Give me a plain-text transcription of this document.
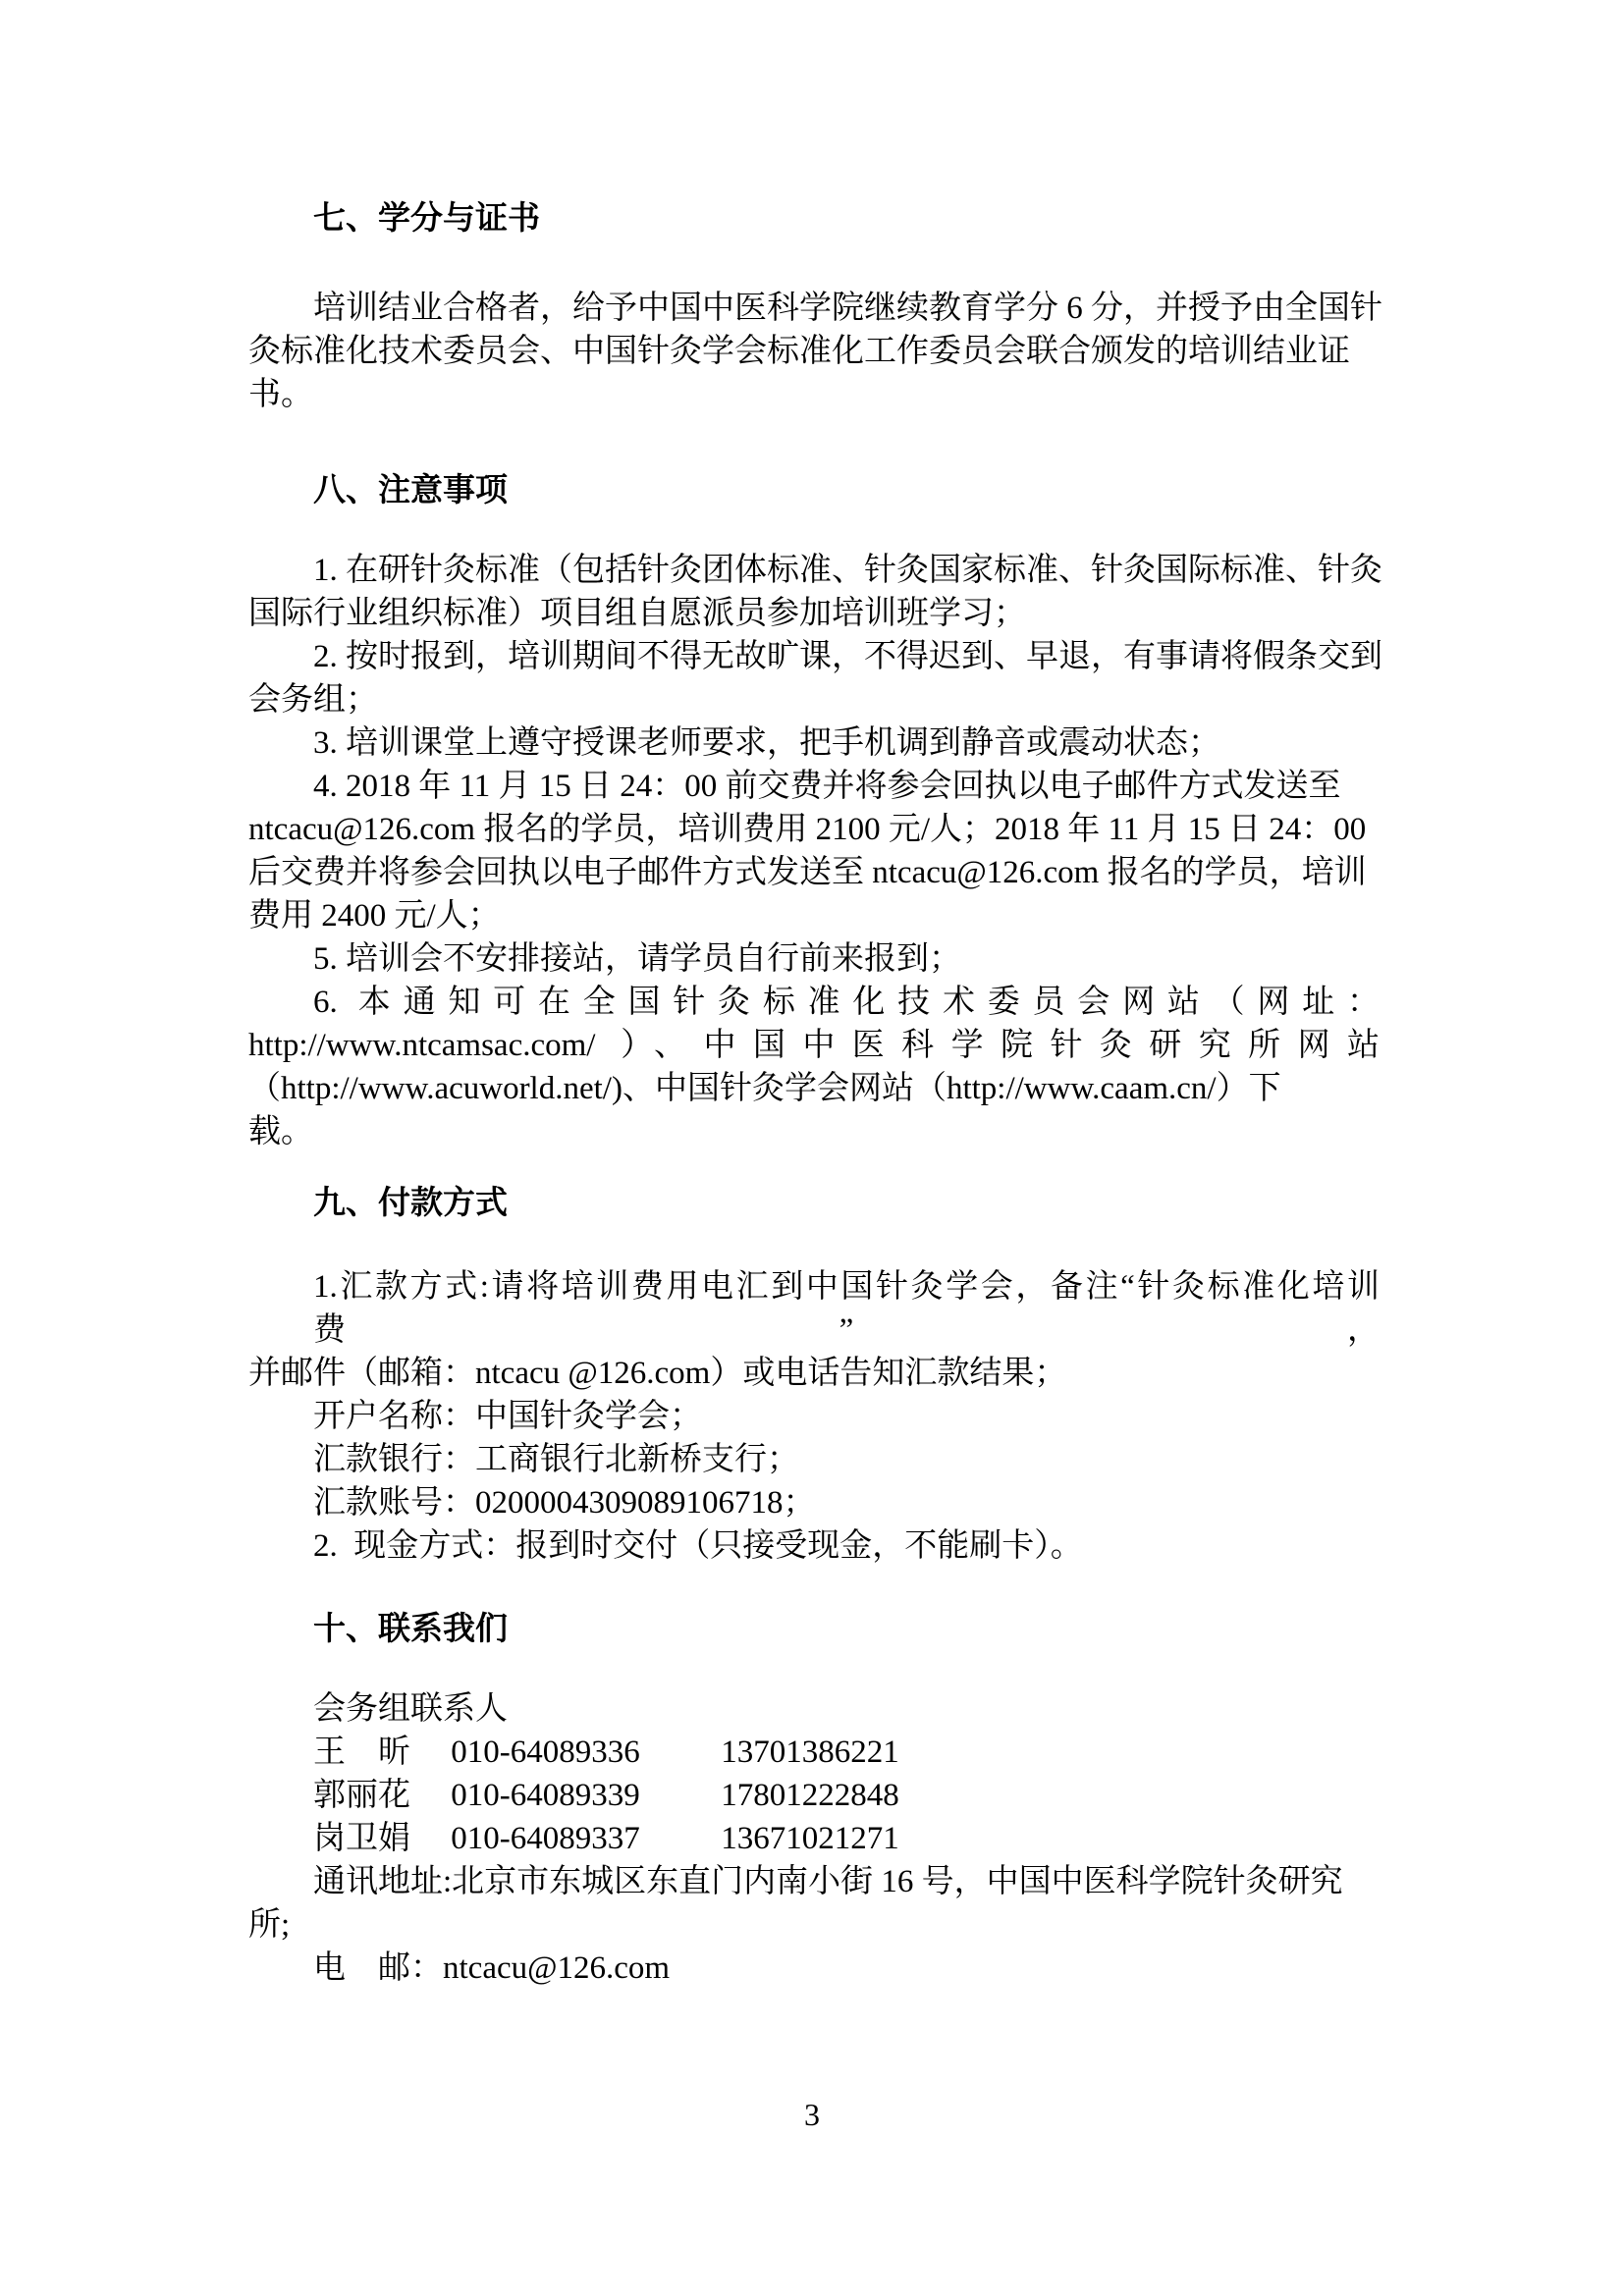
七、学分与证书
培训结业合格者，给予中国中医科学院继续教育学分 6 分，并授予由全国针
灸标准化技术委员会、中国针灸学会标准化工作委员会联合颁发的培训结业证
书。
八、注意事项
1. 在研针灸标准（包括针灸团体标准、针灸国家标准、针灸国际标准、针灸
国际行业组织标准）项目组自愿派员参加培训班学习；
2. 按时报到，培训期间不得无故旷课，不得迟到、早退，有事请将假条交到
会务组；
3. 培训课堂上遵守授课老师要求，把手机调到静音或震动状态；
4. 2018 年 11 月 15 日 24：00 前交费并将参会回执以电子邮件方式发送至
ntcacu@126.com 报名的学员，培训费用 2100 元/人；2018 年 11 月 15 日 24：00
后交费并将参会回执以电子邮件方式发送至 ntcacu@126.com 报名的学员，培训
费用 2400 元/人；
5. 培训会不安排接站，请学员自行前来报到；
6. 本通知可在全国针灸标准化技术委员会网站（网址：
http://www.ntcamsac.com/ ）、中国中医科学院针灸研究所网站
（http://www.acuworld.net/)、中国针灸学会网站（http://www.caam.cn/）下
载。
九、付款方式
1.汇款方式:请将培训费用电汇到中国针灸学会，备注“针灸标准化培训费”，
并邮件（邮箱：ntcacu @126.com）或电话告知汇款结果；
开户名称：中国针灸学会；
汇款银行：工商银行北新桥支行；
汇款账号：0200004309089106718；
2.  现金方式：报到时交付（只接受现金，不能刷卡）。
十、联系我们
会务组联系人
王　昕　 010-64089336　　  13701386221
郭丽花　 010-64089339　　  17801222848
岗卫娟　 010-64089337　　  13671021271
通讯地址:北京市东城区东直门内南小街 16 号，中国中医科学院针灸研究
所;
电　邮：ntcacu@126.com
3
